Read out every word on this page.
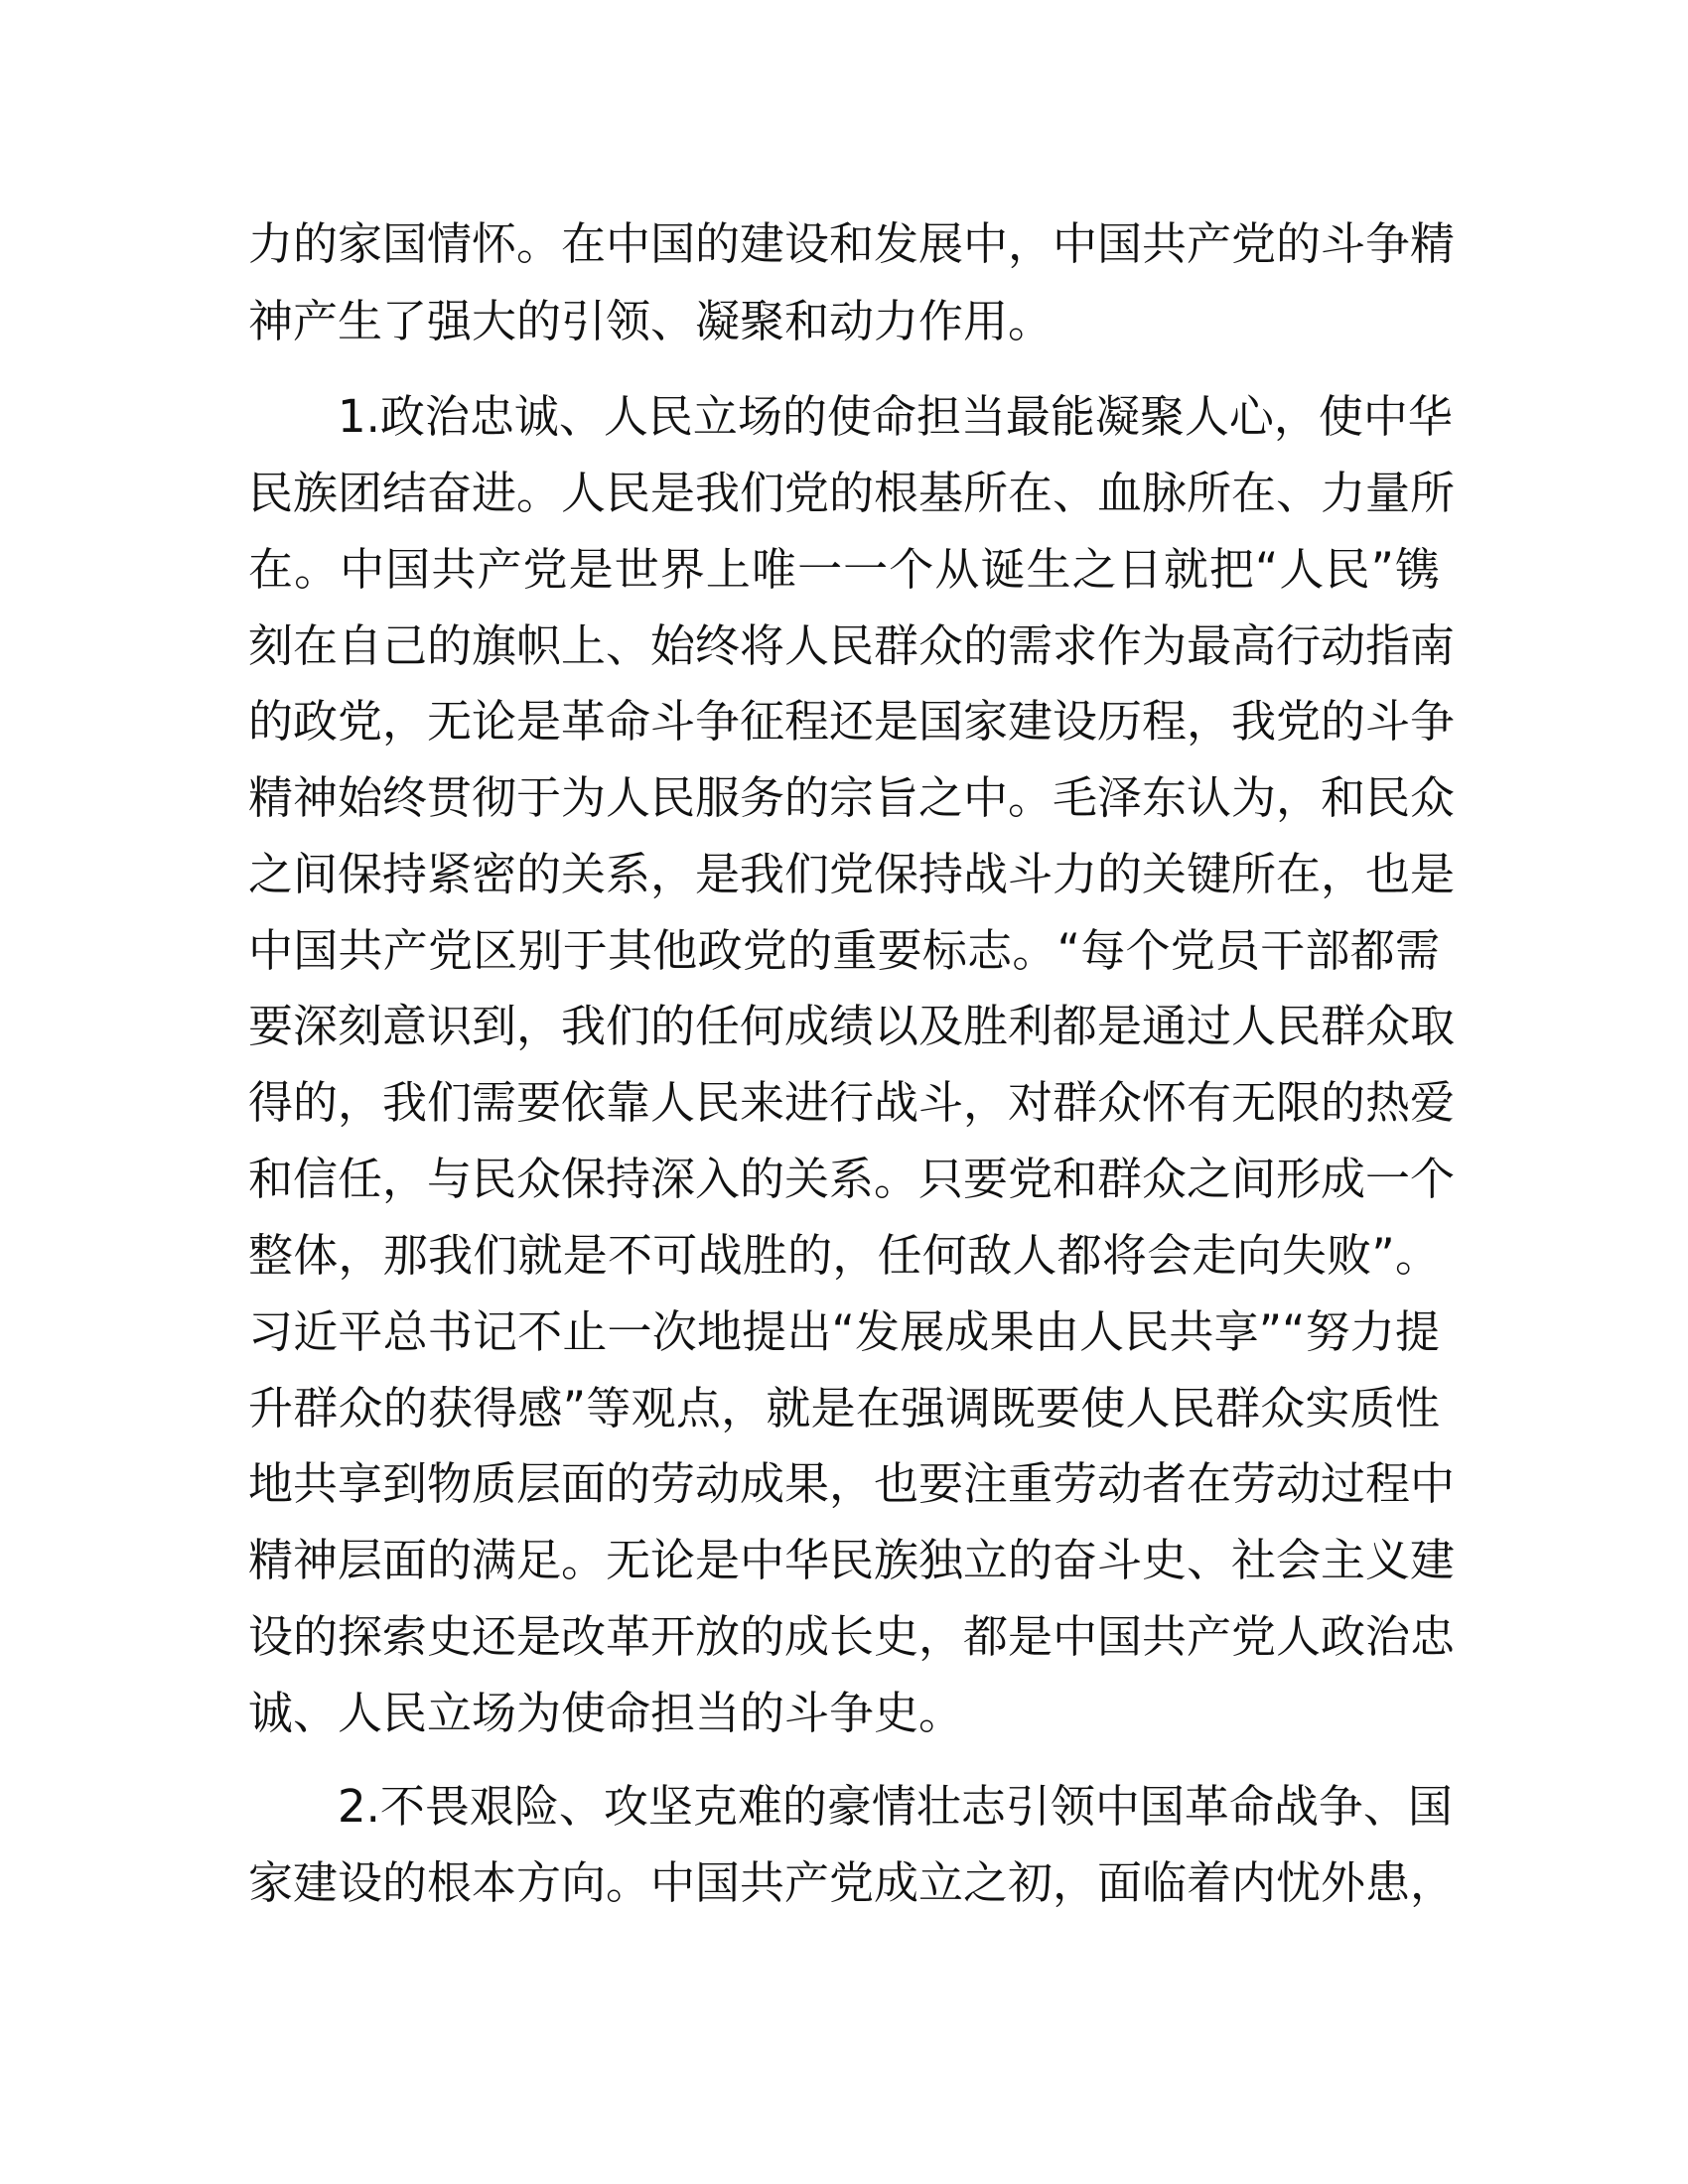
力的家国情怀。在中国的建设和发展中，中国共产党的斗争精
神产生了强大的引领、凝聚和动力作用。
1.政治忠诚、人民立场的使命担当最能凝聚人心，使中华
民族团结奋进。人民是我们党的根基所在、血脉所在、力量所
在。中国共产党是世界上唯一一个从诞生之日就把“人民”镌
刻在自己的旗帜上、始终将人民群众的需求作为最高行动指南
的政党，无论是革命斗争征程还是国家建设历程，我党的斗争
精神始终贯彻于为人民服务的宗旨之中。毛泽东认为，和民众
之间保持紧密的关系，是我们党保持战斗力的关键所在，也是
中国共产党区别于其他政党的重要标志。“每个党员干部都需
要深刻意识到，我们的任何成绩以及胜利都是通过人民群众取
得的，我们需要依靠人民来进行战斗，对群众怀有无限的热爱
和信任，与民众保持深入的关系。只要党和群众之间形成一个
整体，那我们就是不可战胜的，任何敌人都将会走向失败”。
习近平总书记不止一次地提出“发展成果由人民共享”“努力提
升群众的获得感”等观点，就是在强调既要使人民群众实质性
地共享到物质层面的劳动成果，也要注重劳动者在劳动过程中
精神层面的满足。无论是中华民族独立的奋斗史、社会主义建
设的探索史还是改革开放的成长史，都是中国共产党人政治忠
诚、人民立场为使命担当的斗争史。
2.不畏艰险、攻坚克难的豪情壮志引领中国革命战争、国
家建设的根本方向。中国共产党成立之初，面临着内忧外患，
